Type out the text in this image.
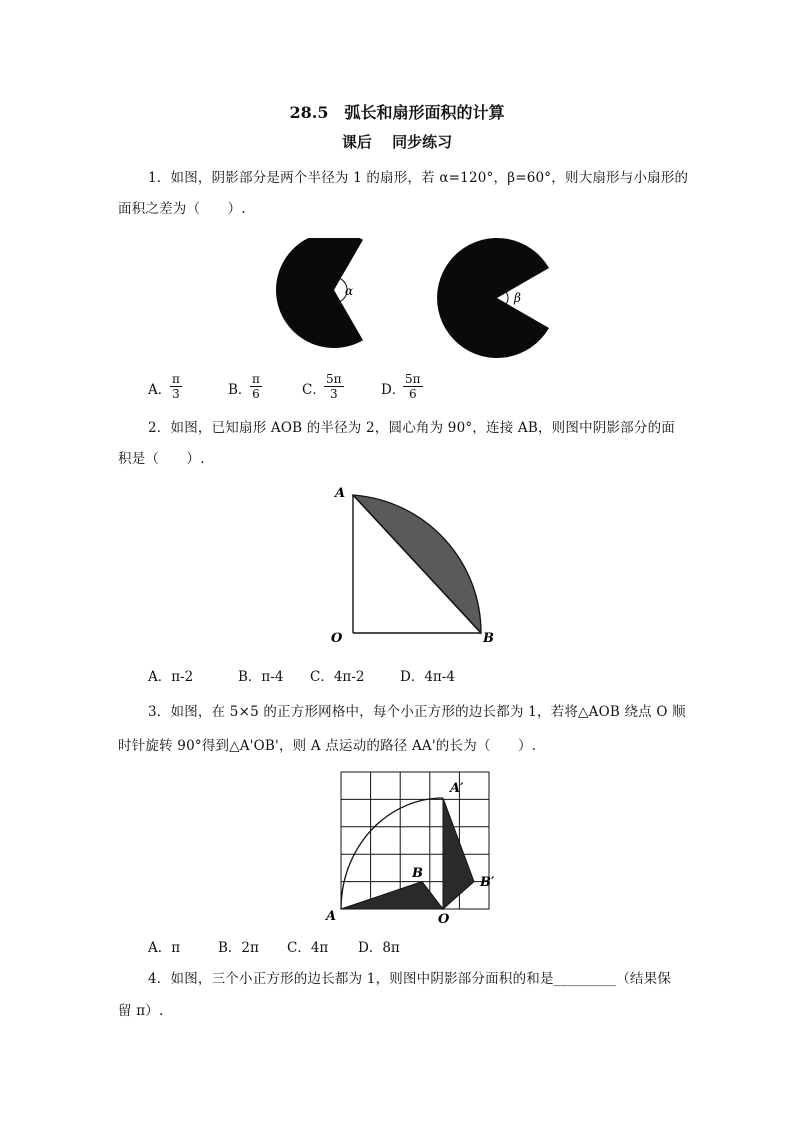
28.5　弧长和扇形面积的计算
课后　 同步练习
1．如图，阴影部分是两个半径为 1 的扇形，若 α=120°，β=60°，则大扇形与小扇形的
面积之差为（　　）.
α	β
A．
$\frac{\pi}{3}$	B．
$\frac{\pi}{6}$	C．
$\frac{5\pi}{3}$	D．
$\frac{5\pi}{6}$
2．如图，已知扇形 AOB 的半径为 2，圆心角为 90°，连接 AB，则图中阴影部分的面
积是（　　）.
A
O	B
A．π-2	B．π-4 C．4π-2	D．4π-4
3．如图，在 5×5 的正方形网格中，每个小正方形的边长都为 1，若将△AOB 绕点 O 顺
时针旋转 90°得到△A'OB'，则 A 点运动的路径 AA'的长为（　　）.
A	O
B
A′
B′
A．π	B．2π C．4π D．8π
4．如图，三个小正方形的边长都为 1，则图中阴影部分面积的和是_________（结果保
留 π）.
